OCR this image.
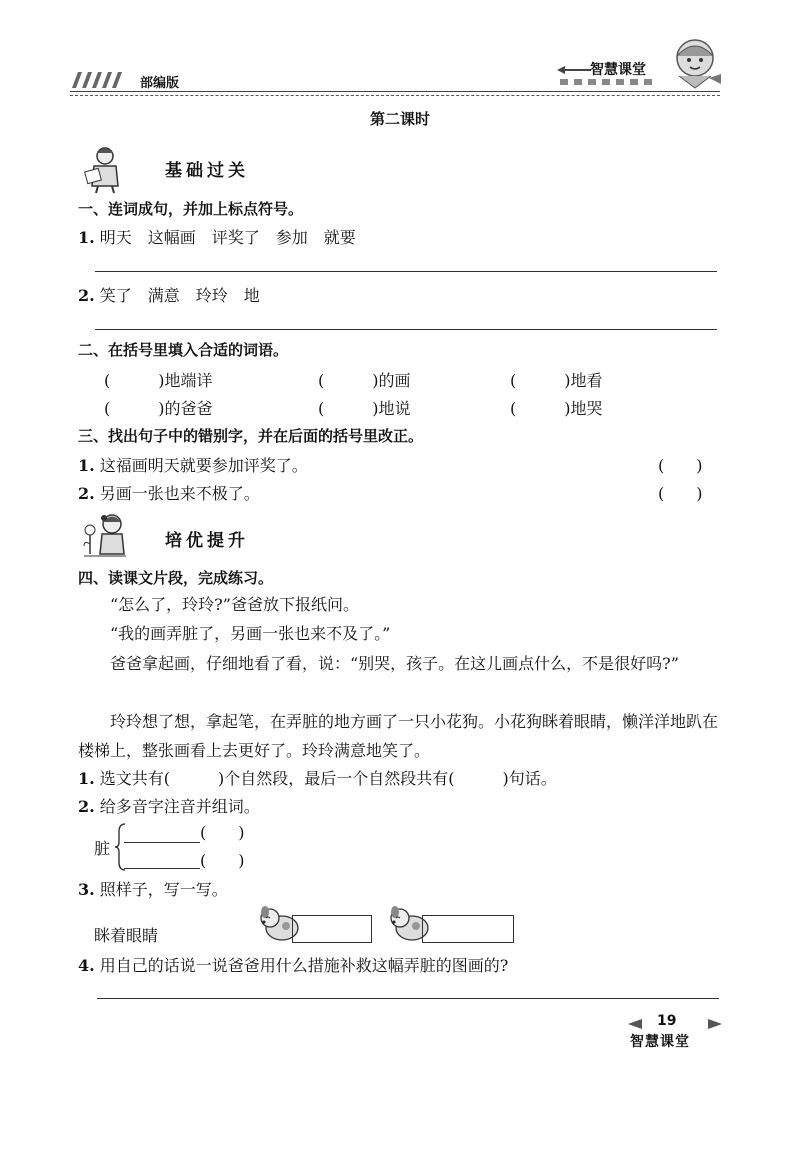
部编版
智慧课堂
第二课时
基础过关
一、连词成句，并加上标点符号。
1. 明天　这幅画　评奖了　参加　就要
2. 笑了　满意　玲玲　地
二、在括号里填入合适的词语。
(　　　)地端详	(　　　)的画	(　　　)地看
(　　　)的爸爸	(　　　)地说	(　　　)地哭
三、找出句子中的错别字，并在后面的括号里改正。
1. 这福画明天就要参加评奖了。	(　　)
2. 另画一张也来不极了。	(　　)
培优提升
四、读课文片段，完成练习。
“怎么了，玲玲?”爸爸放下报纸问。
“我的画弄脏了，另画一张也来不及了。”
爸爸拿起画，仔细地看了看，说：“别哭，孩子。在这儿画点什么，不是很好吗?”
玲玲想了想，拿起笔，在弄脏的地方画了一只小花狗。小花狗眯着眼睛，懒洋洋地趴在楼梯上，整张画看上去更好了。玲玲满意地笑了。
1. 选文共有(　　　)个自然段，最后一个自然段共有(　　　)句话。
2. 给多音字注音并组词。
脏
(　　)
(　　)
3. 照样子，写一写。
眯着眼睛
4. 用自己的话说一说爸爸用什么措施补救这幅弄脏的图画的?
19
智慧课堂
